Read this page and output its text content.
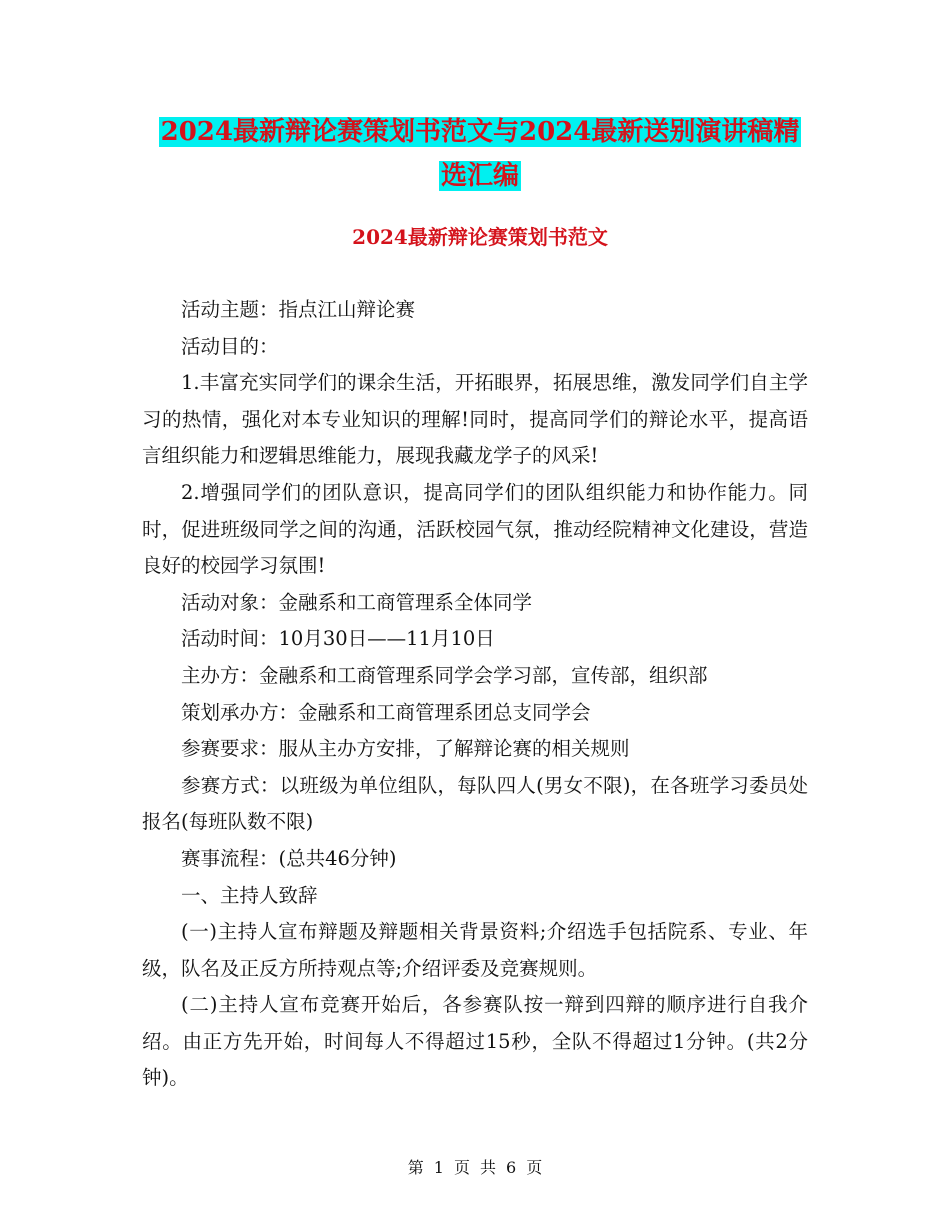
2024最新辩论赛策划书范文与2024最新送别演讲稿精
选汇编
2024最新辩论赛策划书范文

活动主题：指点江山辩论赛

活动目的：

1.丰富充实同学们的课余生活，开拓眼界，拓展思维，激发同学们自主学习的热情，强化对本专业知识的理解!同时，提高同学们的辩论水平，提高语言组织能力和逻辑思维能力，展现我藏龙学子的风采!

2.增强同学们的团队意识，提高同学们的团队组织能力和协作能力。同时，促进班级同学之间的沟通，活跃校园气氛，推动经院精神文化建设，营造良好的校园学习氛围!

活动对象：金融系和工商管理系全体同学

活动时间：10月30日——11月10日

主办方：金融系和工商管理系同学会学习部，宣传部，组织部

策划承办方：金融系和工商管理系团总支同学会

参赛要求：服从主办方安排，了解辩论赛的相关规则

参赛方式：以班级为单位组队，每队四人(男女不限)，在各班学习委员处报名(每班队数不限)

赛事流程：(总共46分钟)

一、主持人致辞

(一)主持人宣布辩题及辩题相关背景资料;介绍选手包括院系、专业、年级，队名及正反方所持观点等;介绍评委及竞赛规则。

(二)主持人宣布竞赛开始后，各参赛队按一辩到四辩的顺序进行自我介绍。由正方先开始，时间每人不得超过15秒，全队不得超过1分钟。(共2分钟)。

第 1 页 共 6 页
